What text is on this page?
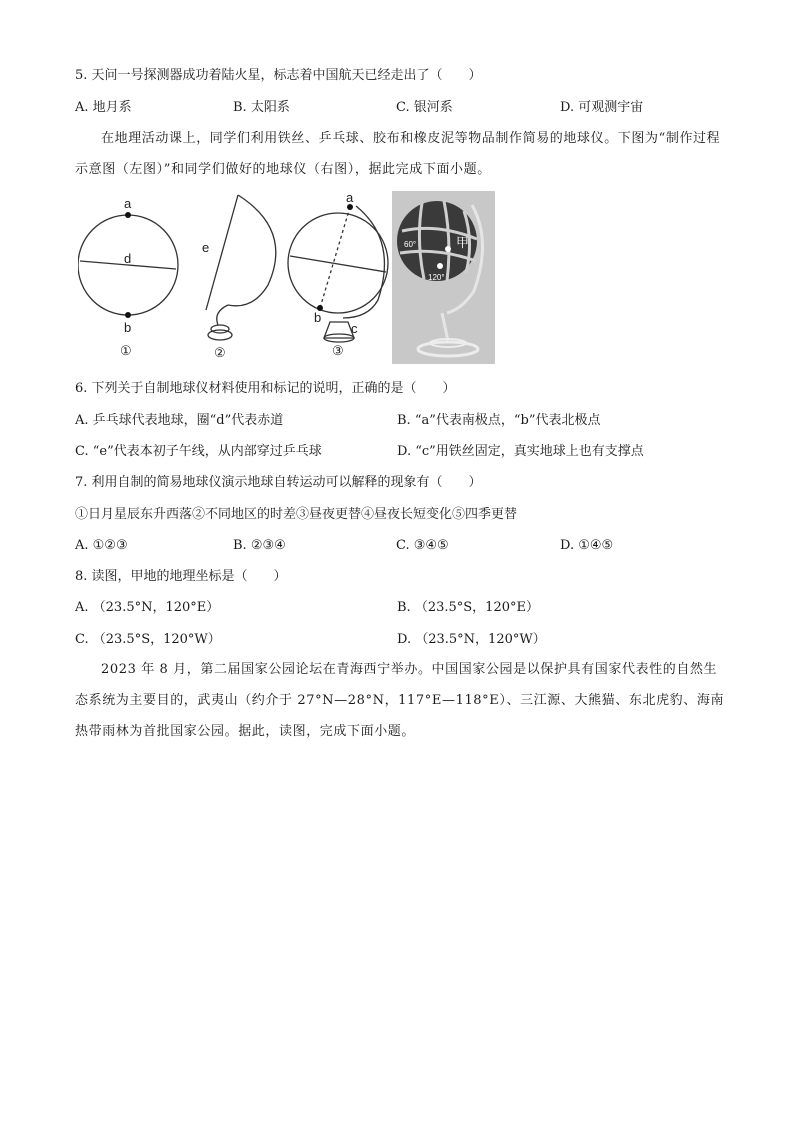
5. 天问一号探测器成功着陆火星，标志着中国航天已经走出了（　　）
A. 地月系	B. 太阳系	C. 银河系	D. 可观测宇宙
在地理活动课上，同学们利用铁丝、乒乓球、胶布和橡皮泥等物品制作简易的地球仪。下图为“制作过程示意图（左图）”和同学们做好的地球仪（右图），据此完成下面小题。
a
d
b
e
a
b
c
①	②	③
甲
60°
120°
6. 下列关于自制地球仪材料使用和标记的说明，正确的是（　　）
A. 乒乓球代表地球，圈“d”代表赤道	B. “a”代表南极点，“b”代表北极点
C. “e”代表本初子午线，从内部穿过乒乓球	D. “c”用铁丝固定，真实地球上也有支撑点
7. 利用自制的简易地球仪演示地球自转运动可以解释的现象有（　　）
①日月星辰东升西落②不同地区的时差③昼夜更替④昼夜长短变化⑤四季更替
A. ①②③	B. ②③④	C. ③④⑤	D. ①④⑤
8. 读图，甲地的地理坐标是（　　）
A. （23.5°N，120°E）	B. （23.5°S，120°E）
C. （23.5°S，120°W）	D. （23.5°N，120°W）
2023 年 8 月，第二届国家公园论坛在青海西宁举办。中国国家公园是以保护具有国家代表性的自然生态系统为主要目的，武夷山（约介于 27°N—28°N，117°E—118°E）、三江源、大熊猫、东北虎豹、海南热带雨林为首批国家公园。据此，读图，完成下面小题。
